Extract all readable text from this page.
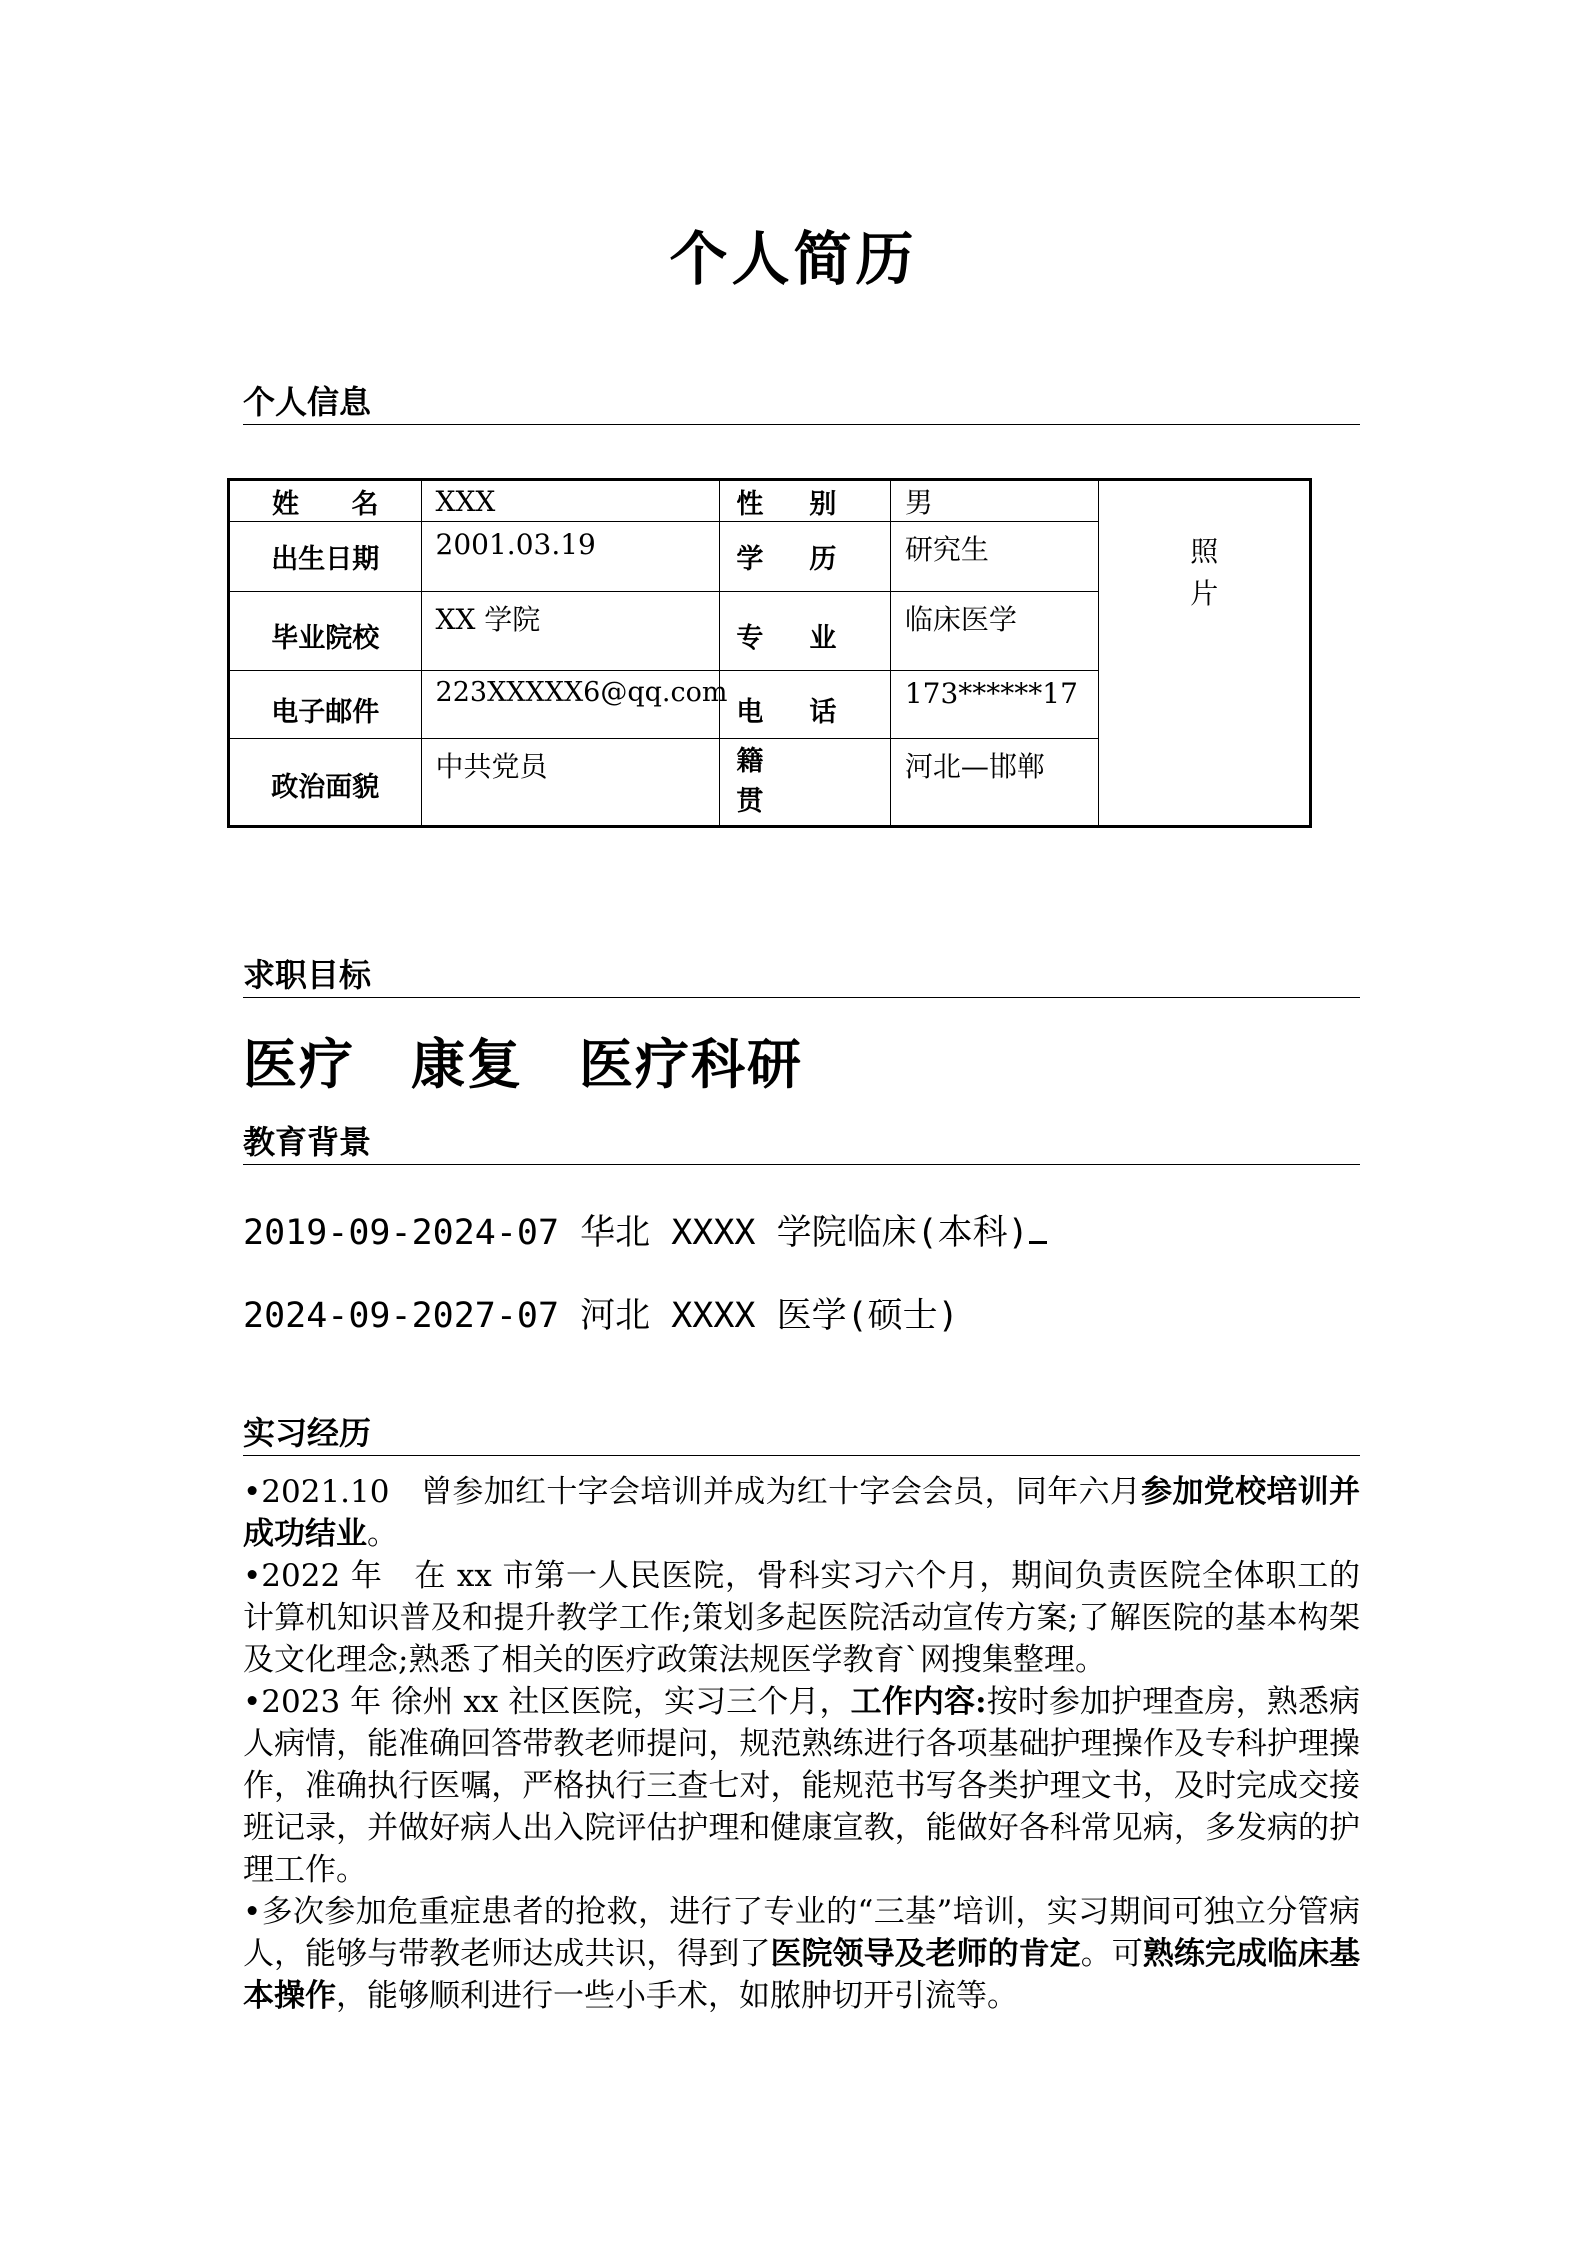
个人简历
个人信息
姓 名	XXX	性 别	男	照片

出生日期	2001.03.19	学 历	研究生	
毕业院校	XX 学院	专 业	临床医学	
电子邮件	223XXXXX6@qq.com	电 话	173******17	
政治面貌	中共党员	籍贯	河北—邯郸	
求职目标
医疗 康复 医疗科研
教育背景
2019-09-2024-07 华北 XXXX 学院临床(本科)
2024-09-2027-07 河北 XXXX 医学(硕士)
实习经历

•2021.10　曾参加红十字会培训并成为红十字会会员，同年六月参加党校培训并成功结业。

•2022 年　在 xx 市第一人民医院，骨科实习六个月，期间负责医院全体职工的计算机知识普及和提升教学工作;策划多起医院活动宣传方案;了解医院的基本构架及文化理念;熟悉了相关的医疗政策法规医学教育`网搜集整理。

•2023 年 徐州 xx 社区医院，实习三个月，工作内容:按时参加护理查房，熟悉病人病情，能准确回答带教老师提问，规范熟练进行各项基础护理操作及专科护理操作，准确执行医嘱，严格执行三查七对，能规范书写各类护理文书，及时完成交接班记录，并做好病人出入院评估护理和健康宣教，能做好各科常见病，多发病的护理工作。

•多次参加危重症患者的抢救，进行了专业的“三基”培训，实习期间可独立分管病人，能够与带教老师达成共识，得到了医院领导及老师的肯定。可熟练完成临床基本操作，能够顺利进行一些小手术，如脓肿切开引流等。
